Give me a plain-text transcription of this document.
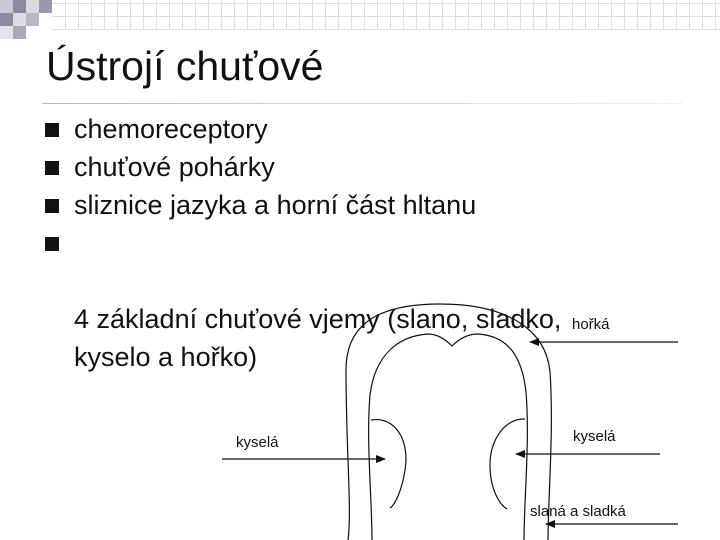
Ústrojí chuťové
chemoreceptory
chuťové pohárky
sliznice jazyka a horní část hltanu

4 základní chuťové vjemy (slano, sladko,
kyselo a hořko)

hořká

kyselá	kyselá

slaná a sladká
